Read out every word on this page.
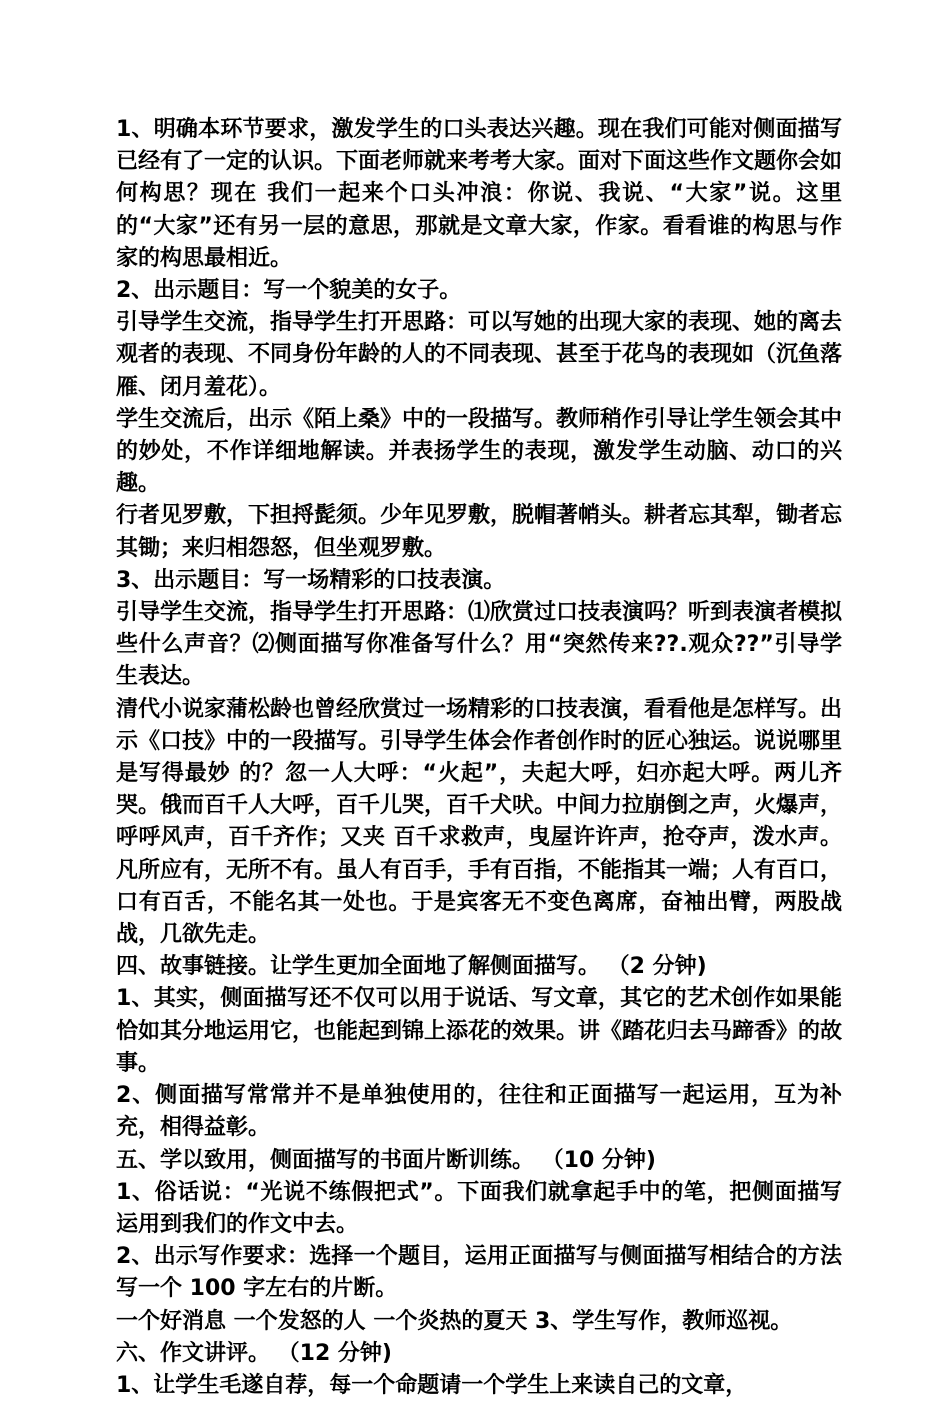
1、明确本环节要求，激发学生的口头表达兴趣。现在我们可能对侧面描写已经有了一定的认识。下面老师就来考考大家。面对下面这些作文题你会如何构思？现在 我们一起来个口头冲浪：你说、我说、“大家”说。这里的“大家”还有另一层的意思，那就是文章大家，作家。看看谁的构思与作家的构思最相近。

2、出示题目：写一个貌美的女子。

引导学生交流，指导学生打开思路：可以写她的出现大家的表现、她的离去观者的表现、不同身份年龄的人的不同表现、甚至于花鸟的表现如（沉鱼落雁、闭月羞花）。

学生交流后，出示《陌上桑》中的一段描写。教师稍作引导让学生领会其中的妙处，不作详细地解读。并表扬学生的表现，激发学生动脑、动口的兴趣。

行者见罗敷，下担捋髭须。少年见罗敷，脱帽著帩头。耕者忘其犁，锄者忘其锄；来归相怨怒，但坐观罗敷。

3、出示题目：写一场精彩的口技表演。

引导学生交流，指导学生打开思路：⑴欣赏过口技表演吗？听到表演者模拟些什么声音？⑵侧面描写你准备写什么？用“突然传来??.观众??”引导学生表达。

清代小说家蒲松龄也曾经欣赏过一场精彩的口技表演，看看他是怎样写。出示《口技》中的一段描写。引导学生体会作者创作时的匠心独运。说说哪里是写得最妙 的？忽一人大呼：“火起”，夫起大呼，妇亦起大呼。两儿齐哭。俄而百千人大呼，百千儿哭，百千犬吠。中间力拉崩倒之声，火爆声，呼呼风声，百千齐作；又夹 百千求救声，曳屋许许声，抢夺声，泼水声。凡所应有，无所不有。虽人有百手，手有百指，不能指其一端；人有百口，口有百舌，不能名其一处也。于是宾客无不变色离席，奋袖出臂，两股战战，几欲先走。

四、故事链接。让学生更加全面地了解侧面描写。 （2 分钟)

1、其实，侧面描写还不仅可以用于说话、写文章，其它的艺术创作如果能恰如其分地运用它，也能起到锦上添花的效果。讲《踏花归去马蹄香》的故事。

2、侧面描写常常并不是单独使用的，往往和正面描写一起运用，互为补充，相得益彰。

五、学以致用，侧面描写的书面片断训练。 （10 分钟)

1、俗话说：“光说不练假把式”。下面我们就拿起手中的笔，把侧面描写运用到我们的作文中去。

2、出示写作要求：选择一个题目，运用正面描写与侧面描写相结合的方法写一个 100 字左右的片断。

一个好消息 一个发怒的人 一个炎热的夏天 3、学生写作，教师巡视。

六、作文讲评。 （12 分钟)

1、让学生毛遂自荐，每一个命题请一个学生上来读自己的文章，
